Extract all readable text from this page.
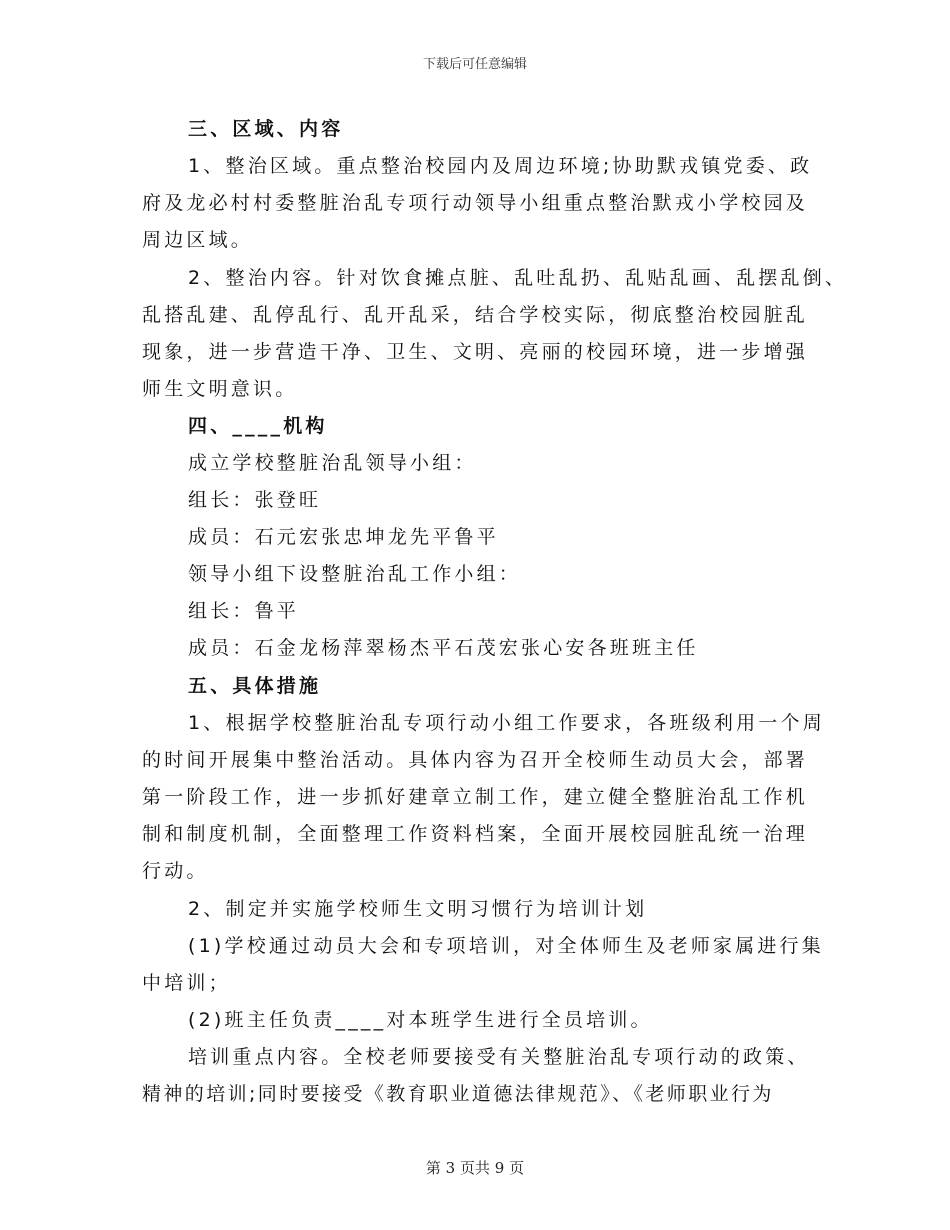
下载后可任意编辑
三、区域、内容
1、整治区域。重点整治校园内及周边环境;协助默戎镇党委、政
府及龙必村村委整脏治乱专项行动领导小组重点整治默戎小学校园及
周边区域。
2、整治内容。针对饮食摊点脏、乱吐乱扔、乱贴乱画、乱摆乱倒、
乱搭乱建、乱停乱行、乱开乱采，结合学校实际，彻底整治校园脏乱
现象，进一步营造干净、卫生、文明、亮丽的校园环境，进一步增强
师生文明意识。
四、____机构
成立学校整脏治乱领导小组：
组长：张登旺
成员：石元宏张忠坤龙先平鲁平
领导小组下设整脏治乱工作小组：
组长：鲁平
成员：石金龙杨萍翠杨杰平石茂宏张心安各班班主任
五、具体措施
1、根据学校整脏治乱专项行动小组工作要求，各班级利用一个周
的时间开展集中整治活动。具体内容为召开全校师生动员大会，部署
第一阶段工作，进一步抓好建章立制工作，建立健全整脏治乱工作机
制和制度机制，全面整理工作资料档案，全面开展校园脏乱统一治理
行动。
2、制定并实施学校师生文明习惯行为培训计划
(1)学校通过动员大会和专项培训，对全体师生及老师家属进行集
中培训；
(2)班主任负责____对本班学生进行全员培训。
培训重点内容。全校老师要接受有关整脏治乱专项行动的政策、
精神的培训;同时要接受《教育职业道德法律规范》、《老师职业行为
第 3 页共 9 页
